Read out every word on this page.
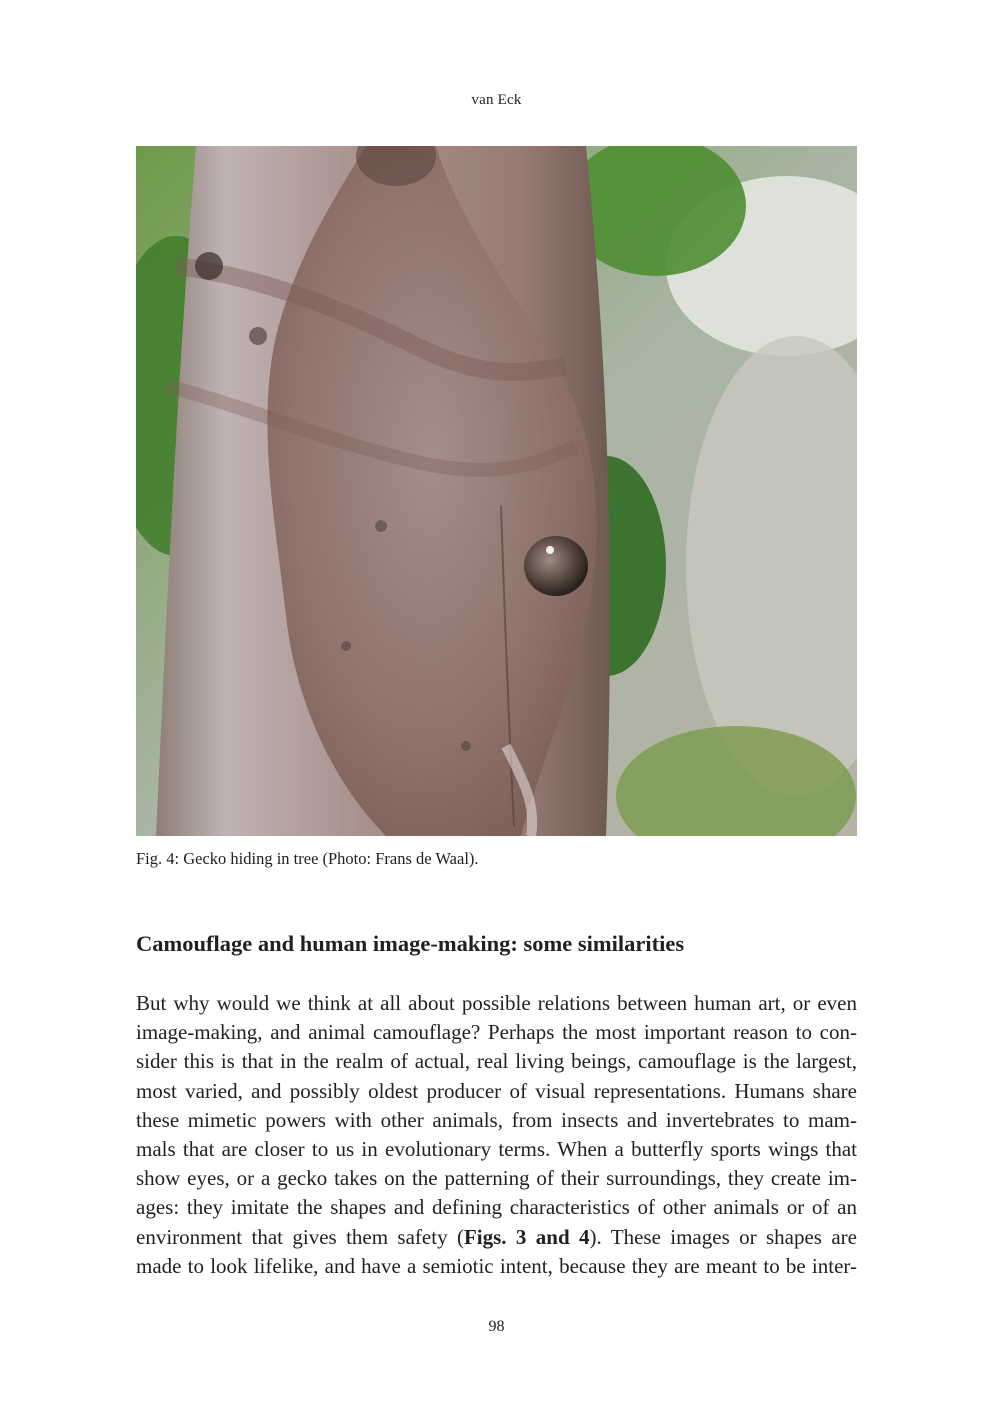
van Eck
Fig. 4: Gecko hiding in tree (Photo: Frans de Waal).
Camouflage and human image-making: some similarities
But why would we think at all about possible relations between human art, or even
image-making, and animal camouflage? Perhaps the most important reason to con-
sider this is that in the realm of actual, real living beings, camouflage is the largest,
most varied, and possibly oldest producer of visual representations. Humans share
these mimetic powers with other animals, from insects and invertebrates to mam-
mals that are closer to us in evolutionary terms. When a butterfly sports wings that
show eyes, or a gecko takes on the patterning of their surroundings, they create im-
ages: they imitate the shapes and defining characteristics of other animals or of an
environment that gives them safety (Figs. 3 and 4). These images or shapes are
made to look lifelike, and have a semiotic intent, because they are meant to be inter-
98
